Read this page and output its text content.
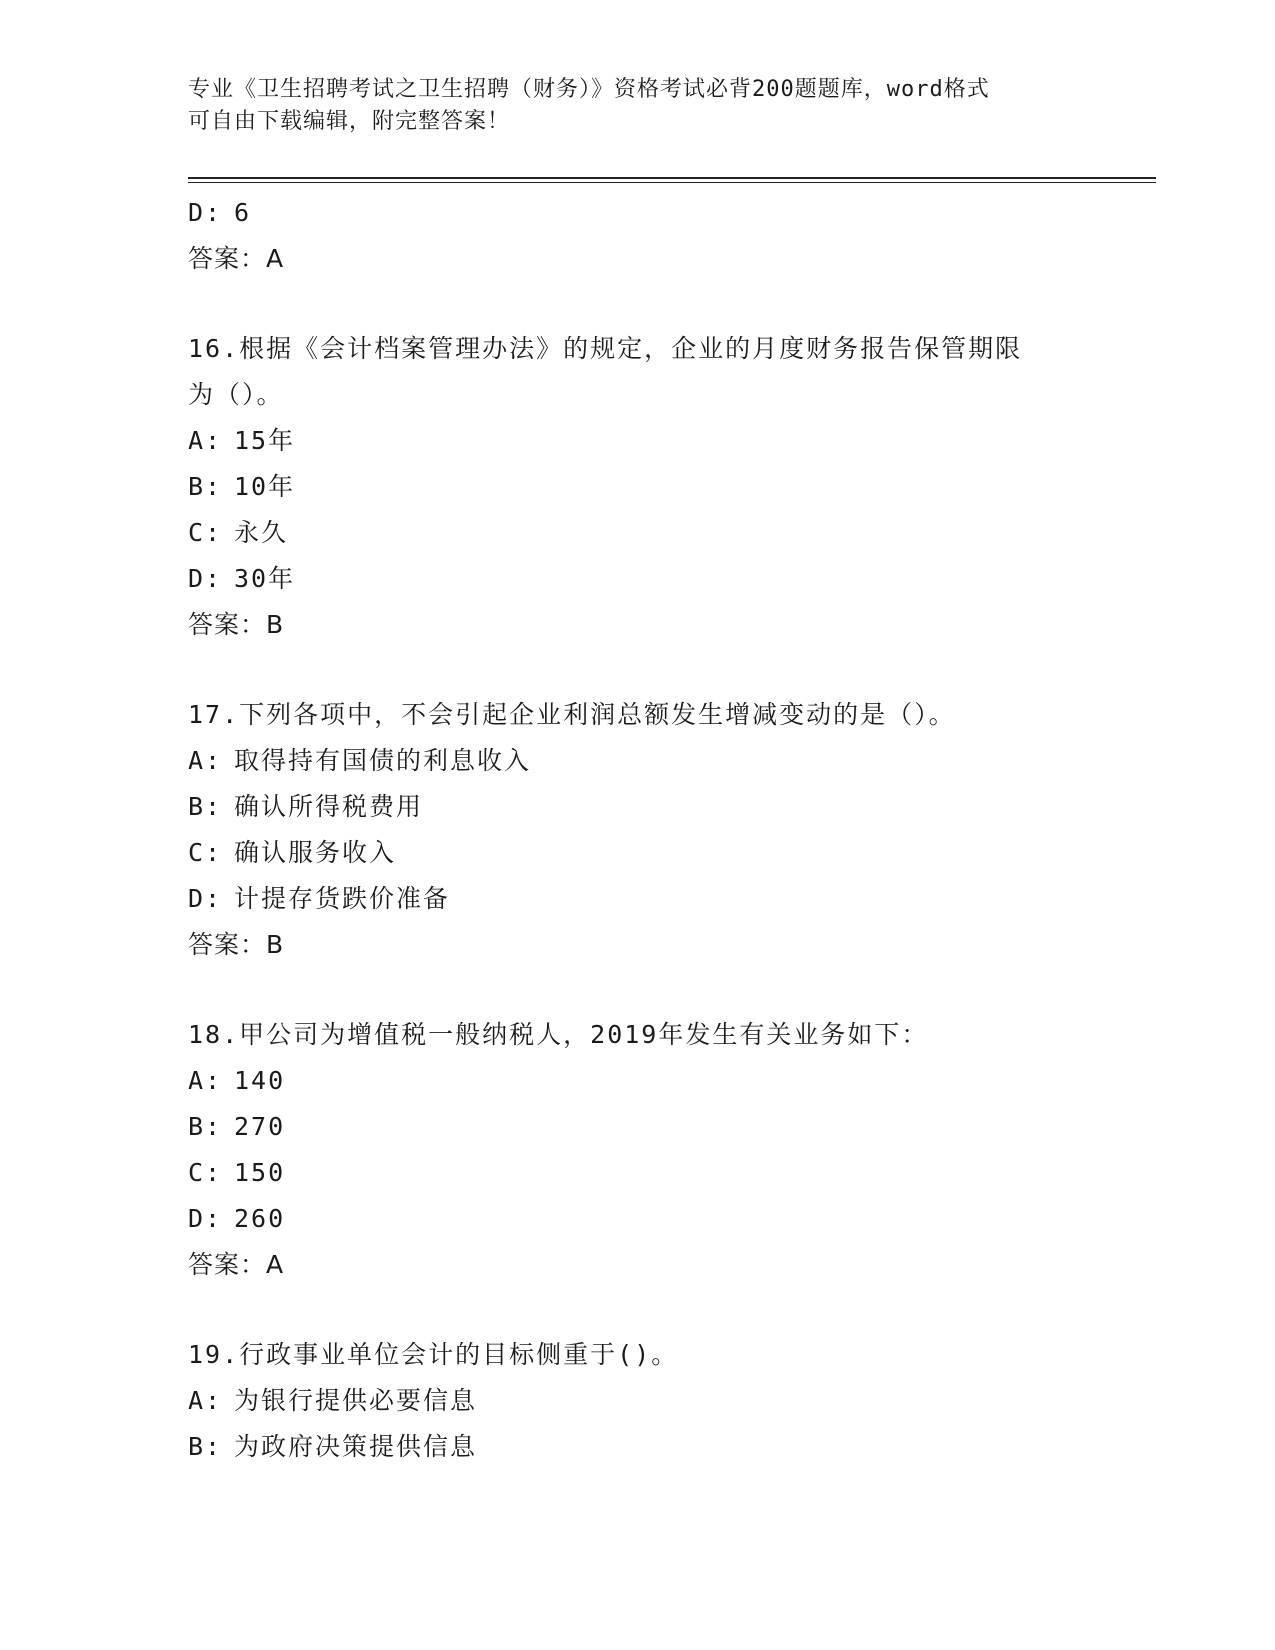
专业《卫生招聘考试之卫生招聘（财务）》资格考试必背200题题库，word格式
可自由下载编辑，附完整答案！
D: 6
答案：A
16.根据《会计档案管理办法》的规定，企业的月度财务报告保管期限
为（）。
A: 15年
B: 10年
C: 永久
D: 30年
答案：B
17.下列各项中，不会引起企业利润总额发生增减变动的是（）。
A: 取得持有国债的利息收入
B: 确认所得税费用
C: 确认服务收入
D: 计提存货跌价准备
答案：B
18.甲公司为增值税一般纳税人，2019年发生有关业务如下：
A: 140
B: 270
C: 150
D: 260
答案：A
19.行政事业单位会计的目标侧重于()。
A: 为银行提供必要信息
B: 为政府决策提供信息
